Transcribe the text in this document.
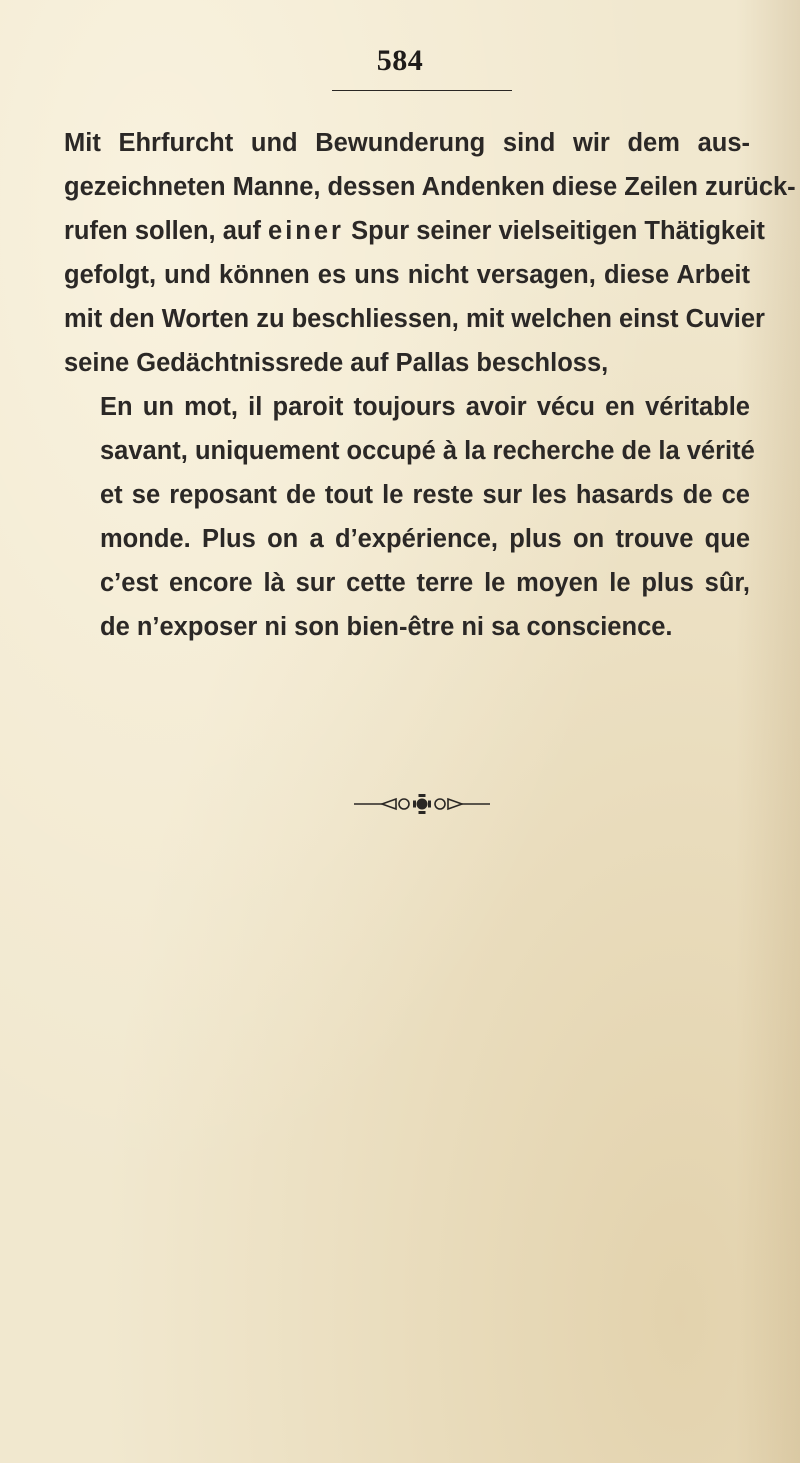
584
Mit Ehrfurcht und Bewunderung sind wir dem aus-
gezeichneten Manne, dessen Andenken diese Zeilen zurück-
rufen sollen, auf einer Spur seiner vielseitigen Thätigkeit
gefolgt, und können es uns nicht versagen, diese Arbeit
mit den Worten zu beschliessen, mit welchen einst Cuvier
seine Gedächtnissrede auf Pallas beschloss,
En un mot, il paroit toujours avoir vécu en véritable
savant, uniquement occupé à la recherche de la vérité
et se reposant de tout le reste sur les hasards de ce
monde. Plus on a d’expérience, plus on trouve que
c’est encore là sur cette terre le moyen le plus sûr,
de n’exposer ni son bien-être ni sa conscience.
